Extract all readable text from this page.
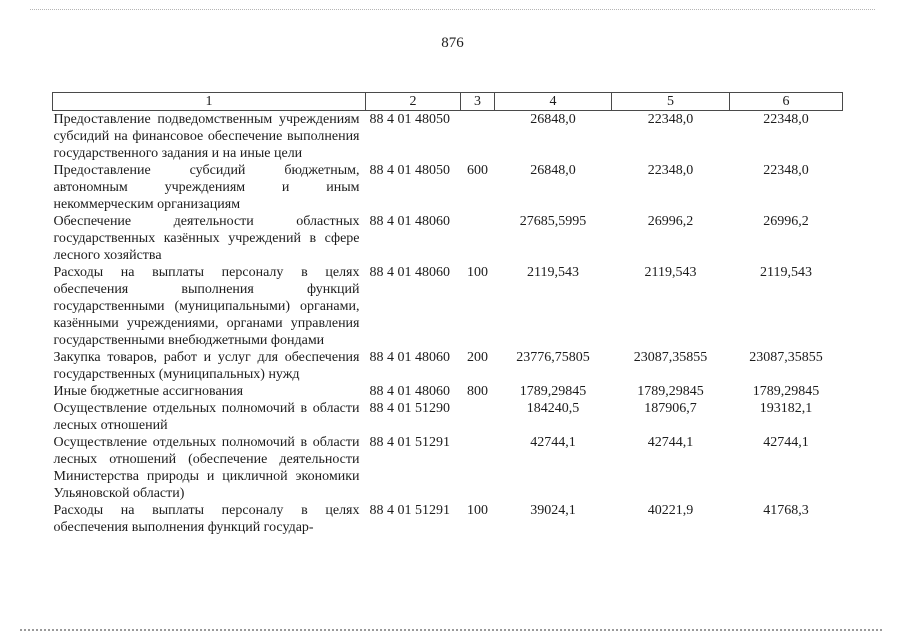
876
1	2	3	4	5	6
Предоставление подведомственным учреждениям субсидий на финансовое обеспечение выполнения государственного задания и на иные цели	88 4 01 48050		26848,0	22348,0	22348,0
Предоставление субсидий бюджетным, автономным учреждениям и иным некоммерческим организациям	88 4 01 48050	600	26848,0	22348,0	22348,0
Обеспечение деятельности областных государственных казённых учреждений в сфере лесного хозяйства	88 4 01 48060		27685,5995	26996,2	26996,2
Расходы на выплаты персоналу в целях обеспечения выполнения функций государственными (муниципальными) органами, казёнными учреждениями, органами управления государственными внебюджетными фондами	88 4 01 48060	100	2119,543	2119,543	2119,543
Закупка товаров, работ и услуг для обеспечения государственных (муниципальных) нужд	88 4 01 48060	200	23776,75805	23087,35855	23087,35855
Иные бюджетные ассигнования	88 4 01 48060	800	1789,29845	1789,29845	1789,29845
Осуществление отдельных полномочий в области лесных отношений	88 4 01 51290		184240,5	187906,7	193182,1
Осуществление отдельных полномочий в области лесных отношений (обеспечение деятельности Министерства природы и цикличной экономики Ульяновской области)	88 4 01 51291		42744,1	42744,1	42744,1
Расходы на выплаты персоналу в целях обеспечения выполнения функций государ-	88 4 01 51291	100	39024,1	40221,9	41768,3
